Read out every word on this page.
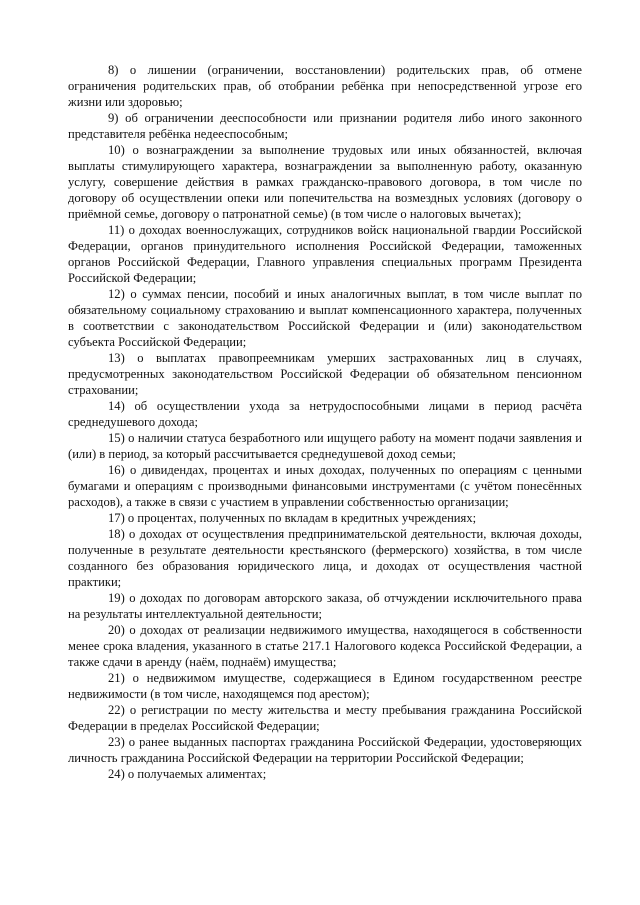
8) о лишении (ограничении, восстановлении) родительских прав, об отмене ограничения родительских прав, об отобрании ребёнка при непосредственной угрозе его жизни или здоровью;

9) об ограничении дееспособности или признании родителя либо иного законного представителя ребёнка недееспособным;

10) о вознаграждении за выполнение трудовых или иных обязанностей, включая выплаты стимулирующего характера, вознаграждении за выполненную работу, оказанную услугу, совершение действия в рамках гражданско-правового договора, в том числе по договору об осуществлении опеки или попечительства на возмездных условиях (договору о приёмной семье, договору о патронатной семье) (в том числе о налоговых вычетах);

11) о доходах военнослужащих, сотрудников войск национальной гвардии Российской Федерации, органов принудительного исполнения Российской Федерации, таможенных органов Российской Федерации, Главного управления специальных программ Президента Российской Федерации;

12) о суммах пенсии, пособий и иных аналогичных выплат, в том числе выплат по обязательному социальному страхованию и выплат компенсационного характера, полученных в соответствии с законодательством Российской Федерации и (или) законодательством субъекта Российской Федерации;

13) о выплатах правопреемникам умерших застрахованных лиц в случаях, предусмотренных законодательством Российской Федерации об обязательном пенсионном страховании;

14) об осуществлении ухода за нетрудоспособными лицами в период расчёта среднедушевого дохода;

15) о наличии статуса безработного или ищущего работу на момент подачи заявления и (или) в период, за который рассчитывается среднедушевой доход семьи;

16) о дивидендах, процентах и иных доходах, полученных по операциям с ценными бумагами и операциям с производными финансовыми инструментами (с учётом понесённых расходов), а также в связи с участием в управлении собственностью организации;

17) о процентах, полученных по вкладам в кредитных учреждениях;

18) о доходах от осуществления предпринимательской деятельности, включая доходы, полученные в результате деятельности крестьянского (фермерского) хозяйства, в том числе созданного без образования юридического лица, и доходах от осуществления частной практики;

19) о доходах по договорам авторского заказа, об отчуждении исключительного права на результаты интеллектуальной деятельности;

20) о доходах от реализации недвижимого имущества, находящегося в собственности менее срока владения, указанного в статье 217.1 Налогового кодекса Российской Федерации, а также сдачи в аренду (наём, поднаём) имущества;

21) о недвижимом имуществе, содержащиеся в Едином государственном реестре недвижимости (в том числе, находящемся под арестом);

22) о регистрации по месту жительства и месту пребывания гражданина Российской Федерации в пределах Российской Федерации;

23) о ранее выданных паспортах гражданина Российской Федерации, удостоверяющих личность гражданина Российской Федерации на территории Российской Федерации;

24) о получаемых алиментах;
